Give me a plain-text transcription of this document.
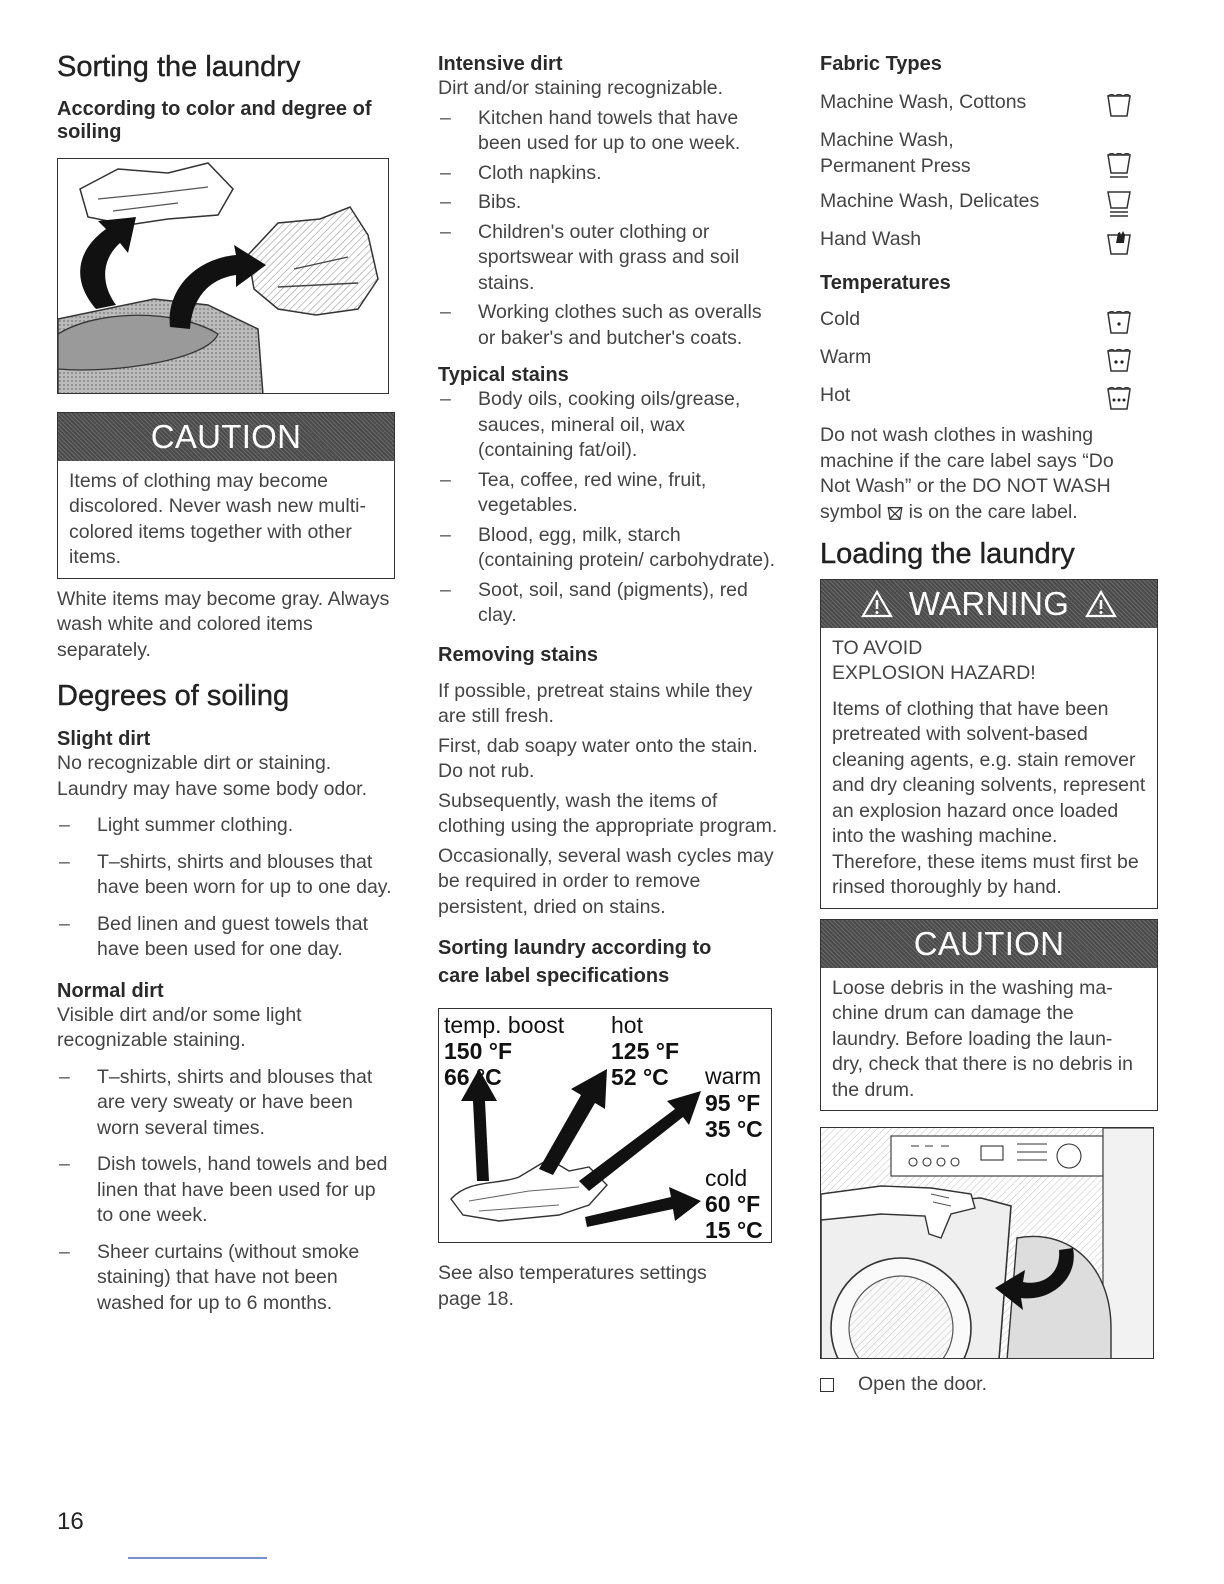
Sorting the laundry
According to color and degree of soiling
CAUTION

Items of clothing may become discolored. Never wash new multi-colored items together with other items.

White items may become gray. Always wash white and colored items separately.

Degrees of soiling
Slight dirt

No recognizable dirt or staining. Laundry may have some body odor.

– Light summer clothing.
– T–shirts, shirts and blouses that have been worn for up to one day.
– Bed linen and guest towels that have been used for one day.
Normal dirt

Visible dirt and/or some light recognizable staining.

– T–shirts, shirts and blouses that are very sweaty or have been worn several times.
– Dish towels, hand towels and bed linen that have been used for up to one week.
– Sheer curtains (without smoke staining) that have not been washed for up to 6 months.
Intensive dirt

Dirt and/or staining recognizable.

– Kitchen hand towels that have been used for up to one week.
– Cloth napkins.
– Bibs.
– Children's outer clothing or sportswear with grass and soil stains.
– Working clothes such as overalls or baker's and butcher's coats.
Typical stains
– Body oils, cooking oils/grease, sauces, mineral oil, wax (containing fat/oil).
– Tea, coffee, red wine, fruit, vegetables.
– Blood, egg, milk, starch (containing protein/ carbohydrate).
– Soot, soil, sand (pigments), red clay.
Removing stains

If possible, pretreat stains while they are still fresh.

First, dab soapy water onto the stain. Do not rub.

Subsequently, wash the items of clothing using the appropriate program.

Occasionally, several wash cycles may be required in order to remove persistent, dried on stains.

Sorting laundry according to care label specifications
temp. boost
150 °F
66 °C
hot
125 °F
52 °C warm
95 °F
35 °C
cold
60 °F
15 °C

See also temperatures settings page 18.

Fabric Types
Machine Wash, Cottons
Machine Wash, Permanent Press
Machine Wash, Delicates
Hand Wash
Temperatures
Cold
Warm
Hot

Do not wash clothes in washing machine if the care label says “Do Not Wash” or the DO NOT WASH symbol is on the care label.

Loading the laundry
WARNING

TO AVOID

EXPLOSION HAZARD!

Items of clothing that have been pretreated with solvent-based cleaning agents, e.g. stain remover and dry cleaning solvents, represent an explosion hazard once loaded into the washing machine. Therefore, these items must first be rinsed thoroughly by hand.

CAUTION

Loose debris in the washing ma- chine drum can damage the laundry. Before loading the laun- dry, check that there is no debris in the drum.

Open the door.
16
